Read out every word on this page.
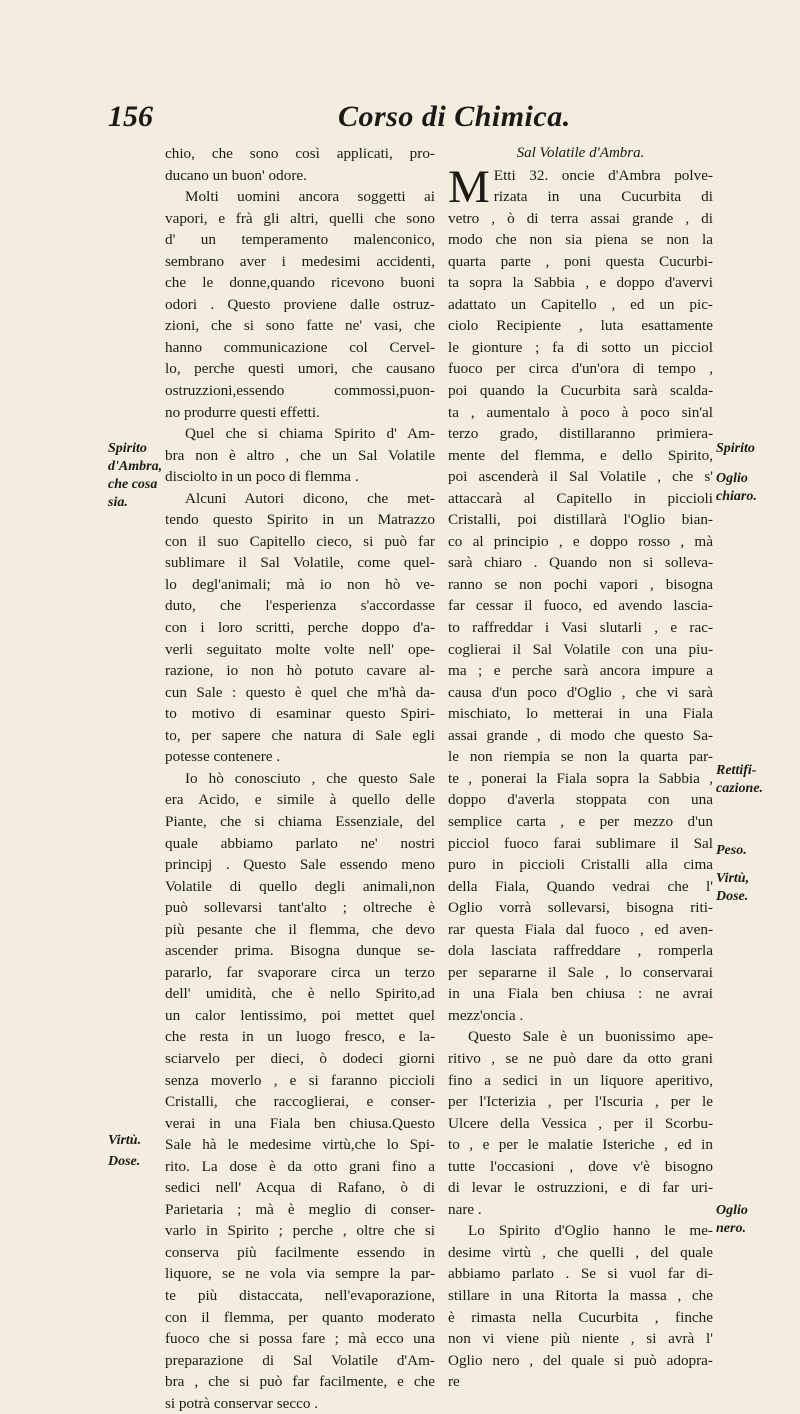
156	Corso di Chimica.
chio, che sono così applicati, pro-
ducano un buon' odore.
Molti uomini ancora soggetti ai
vapori, e frà gli altri, quelli che sono
d' un temperamento malenconico,
sembrano aver i medesimi accidenti,
che le donne,quando ricevono buoni
odori . Questo proviene dalle ostruz-
zioni, che si sono fatte ne' vasi, che
hanno communicazione col Cervel-
lo, perche questi umori, che causano
ostruzzioni,essendo commossi,puon-
no produrre questi effetti.
Quel che si chiama Spirito d' Am-
bra non è altro , che un Sal Volatile
discioltο in un poco di flemma .
Alcuni Autori dicono, che met-
tendo questo Spirito in un Matrazzo
con il suo Capitello cieco, si può far
sublimare il Sal Volatile, come quel-
lo degl'animali; mà io non hò ve-
duto, che l'esperienza s'accordasse
con i loro scritti, perche doppo d'a-
verli seguitato molte volte nell' ope-
razione, io non hò potuto cavare al-
cun Sale : questo è quel che m'hà da-
to motivo di esaminar questo Spiri-
to, per sapere che natura di Sale egli
potesse contenere .
Io hò conosciuto , che questo Sale
era Acido, e simile à quello delle
Piante, che si chiama Essenziale, del
quale abbiamo parlato ne' nostri
principj . Questo Sale essendo meno
Volatile di quello degli animali,non
può sollevarsi tant'alto ; oltreche è
più pesante che il flemma, che devo
ascender prima. Bisogna dunque se-
pararlo, far svaporare circa un terzo
dell' umidità, che è nello Spirito,ad
un calor lentissimo, poi mettet quel
che resta in un luogo fresco, e la-
sciarvelo per dieci, ò dodeci giorni
senza moverlo , e si faranno piccioli
Cristalli, che raccoglierai, e conser-
verai in una Fiala ben chiusa.Questo
Sale hà le medesime virtù,che lo Spi-
rito. La dose è da otto grani fino a
sedici nell' Acqua di Rafano, ò di
Parietaria ; mà è meglio di conser-
varlo in Spirito ; perche , oltre che si
conserva più facilmente essendo in
liquore, se ne vola via sempre la par-
te più distaccata, nell'evaporazione,
con il flemma, per quanto moderato
fuoco che si possa fare ; mà ecco una
preparazione di Sal Volatile d'Am-
bra , che si può far facilmente, e che
si potrà conservar secco .
Sal Volatile d'Ambra.
M Etti 32. oncie d'Ambra polve-
rizata in una Cucurbita di
vetro , ò di terra assai grande , di
modo che non sia piena se non la
quarta parte , poni questa Cucurbi-
ta sopra la Sabbia , e doppo d'avervi
adattato un Capitello , ed un pic-
ciolo Recipiente , luta esattamente
le gionture ; fa di sotto un picciol
fuoco per circa d'un'ora di tempo ,
poi quando la Cucurbita sarà scalda-
ta , aumentalo à poco à poco sin'al
terzo grado, distillaranno primiera-
mente del flemma, e dello Spirito,
poi ascenderà il Sal Volatile , che s'
attaccarà al Capitello in piccioli
Cristalli, poi distillarà l'Oglio bian-
co al principio , e doppo rosso , mà
sarà chiaro . Quando non si solleva-
ranno se non pochi vapori , bisogna
far cessar il fuoco, ed avendo lascia-
to raffreddar i Vasi slutarli , e rac-
coglierai il Sal Volatile con una piu-
ma ; e perche sarà ancora impure a
causa d'un poco d'Oglio , che vi sarà
mischiato, lo metterai in una Fiala
assai grande , di modo che questo Sa-
le non riempia se non la quarta par-
te , ponerai la Fiala sopra la Sabbia ,
doppo d'averla stoppata con una
semplice carta , e per mezzo d'un
picciol fuoco farai sublimare il Sal
puro in piccioli Cristalli alla cima
della Fiala, Quando vedrai che l'
Oglio vorrà sollevarsi, bisogna riti-
rar questa Fiala dal fuoco , ed aven-
dola lasciata raffreddare , romperla
per separarne il Sale , lo conservarai
in una Fiala ben chiusa : ne avrai
mezz'oncia .
Questo Sale è un buonissimo ape-
ritivo , se ne può dare da otto grani
fino a sedici in un liquore aperitivo,
per l'Icterizia , per l'Iscuria , per le
Ulcere della Vessica , per il Scorbu-
to , e per le malatie Isteriche , ed in
tutte l'occasioni , dove v'è bisogno
di levar le ostruzzioni, e di far uri-
nare .
Lo Spirito d'Oglio hanno le me-
desime virtù , che quelli , del quale
abbiamo parlato . Se si vuol far di-
stillare in una Ritorta la massa , che
è rimasta nella Cucurbita , finche
non vi viene più niente , si avrà l'
Oglio nero , del quale si può adopra-
re
Spirito
d'Ambra,
che cosa
sia.
Virtù.
Dose.
Spirito
Oglio
chiaro.
Rettifi-
cazione.
Peso.
Virtù,
Dose.
Oglio
nero.
